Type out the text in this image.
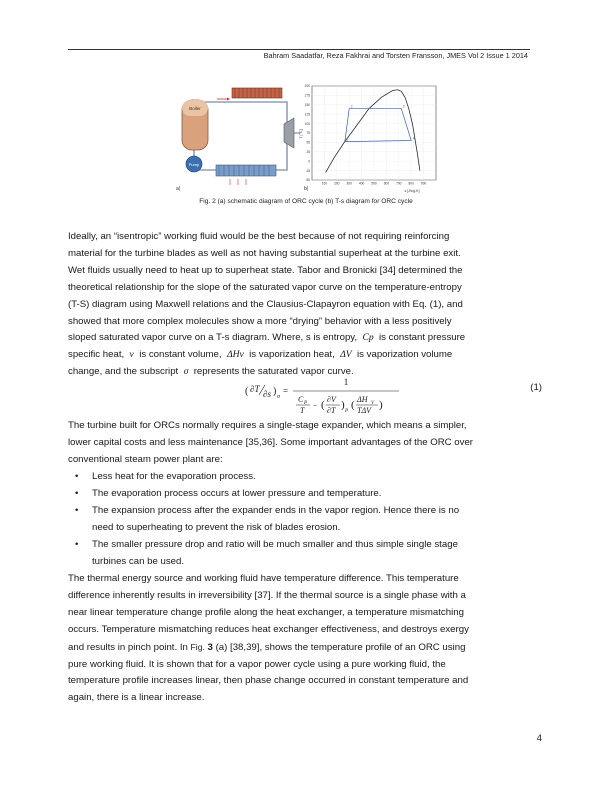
Bahram Saadatfar, Reza Fakhrai and Torsten Fransson, JMES Vol 2 Issue 1 2014
Boiler
Pump
a)
100 200 300 400 500 600 700 800 900
200
175
150
125
100
75
50
25
0
-25
-50
1
2	3
4
s [J/kg-K]
T [°C]
b)
Fig. 2 (a) schematic diagram of ORC cycle (b) T-s diagram for ORC cycle
Ideally, an “isentropic” working fluid would be the best because of not requiring reinforcing
material for the turbine blades as well as not having substantial superheat at the turbine exit.
Wet fluids usually need to heat up to superheat state. Tabor and Bronicki [34] determined the
theoretical relationship for the slope of the saturated vapor curve on the temperature-entropy
(T-S) diagram using Maxwell relations and the Clausius-Clapayron equation with Eq. (1), and
showed that more complex molecules show a more “drying” behavior with a less positively
sloped saturated vapor curve on a T-s diagram. Where, s is entropy, Cp is constant pressure
specific heat, v is constant volume, ΔHv is vaporization heat, ΔV is vaporization volume
change, and the subscript σ represents the saturated vapor curve.
( ∂T ∂s ) σ
=
1
C P
T
− ( ∂V
∂T )
P
( ΔH V
TΔV )
(1)
The turbine built for ORCs normally requires a single-stage expander, which means a simpler,
lower capital costs and less maintenance [35,36]. Some important advantages of the ORC over
conventional steam power plant are:
• Less heat for the evaporation process.
• The evaporation process occurs at lower pressure and temperature.
• The expansion process after the expander ends in the vapor region. Hence there is no
need to superheating to prevent the risk of blades erosion.
• The smaller pressure drop and ratio will be much smaller and thus simple single stage
turbines can be used.
The thermal energy source and working fluid have temperature difference. This temperature
difference inherently results in irreversibility [37]. If the thermal source is a single phase with a
near linear temperature change profile along the heat exchanger, a temperature mismatching
occurs. Temperature mismatching reduces heat exchanger effectiveness, and destroys exergy
and results in pinch point. In Fig. 3 (a) [38,39], shows the temperature profile of an ORC using
pure working fluid. It is shown that for a vapor power cycle using a pure working fluid, the
temperature profile increases linear, then phase change occurred in constant temperature and
again, there is a linear increase.
4
